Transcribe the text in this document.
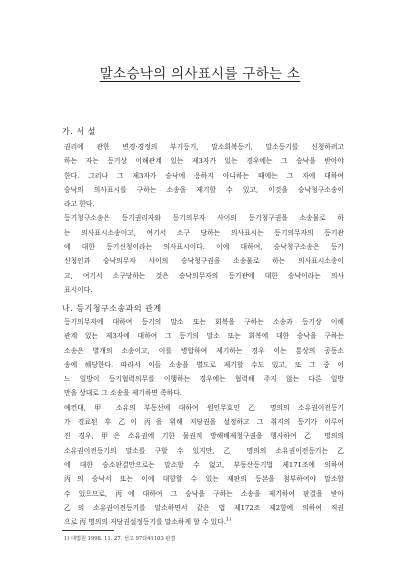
말소승낙의 의사표시를 구하는 소
가. 서 설
권리에 관한 변경·경정의 부기등기, 말소회복등기, 말소등기를 신청하려고
하는 자는 등기상 이해관계 있는 제3자가 있는 경우에는 그 승낙을 받아야
한다. 그러나 그 제3자가 승낙에 응하지 아니하는 때에는 그 자에 대하여
승낙의 의사표시를 구하는 소송을 제기할 수 있고, 이것을 승낙청구소송이
라고 한다.
등기청구소송은 등기권리자와 등기의무자 사이의 등기청구권을 소송물로 하
는 의사표시소송이고, 여기서 소구 당하는 의사표시는 등기의무자의 등기관
에 대한 등기신청이라는 의사표시이다. 이에 대하여, 승낙청구소송은 등기
신청인과 승낙의무자 사이의 승낙청구권을 소송물로 하는 의사표시소송이
고, 여기서 소구당하는 것은 승낙의무자의 등기관에 대한 승낙이라는 의사
표시이다.
나. 등기청구소송과의 관계
등기의무자에 대하여 등기의 말소 또는 회복을 구하는 소송과 등기상 이해
관계 있는 제3자에 대하여 그 등기의 말소 또는 회복에 대한 승낙을 구하는
소송은 별개의 소송이고, 이를 병합하여 제기하는 경우 이는 통상의 공동소
송에 해당한다. 따라서 이들 소송을 별도로 제기할 수도 있고, 또 그 중 어
느 일방이 등기협력의무를 이행하는 경우에는 협력해 주지 않는 다른 일방
만을 상대로 그 소송을 제기하면 족하다.
예컨대, 甲 소유의 부동산에 대하여 원인무효인 乙 명의의 소유권이전등기
가 경료된 후 乙이 丙을 위해 저당권을 설정하고 그 취지의 등기가 이루어
진 경우, 甲은 소유권에 기한 물권적 방해배제청구권을 행사하여 乙 명의의
소유권이전등기의 말소를 구할 수 있지만, 乙 명의의 소유권이전등기는 乙
에 대한 승소판결만으로는 말소할 수 없고, 부동산등기법 제171조에 의하여
丙의 승낙서 또는 이에 대항할 수 있는 재판의 등본을 첨부하여야 말소할
수 있으므로, 丙에 대하여 그 승낙을 구하는 소송을 제기하여 판결을 받아
乙의 소유권이전등기를 말소하면서 같은 법 제172조 제2항에 의하여 직권
으로 丙 명의의 저당권설정등기를 말소하게 할 수 있다.$^{1)}$
1) 대법원 1998. 11. 27. 선고 97다41103 판결
